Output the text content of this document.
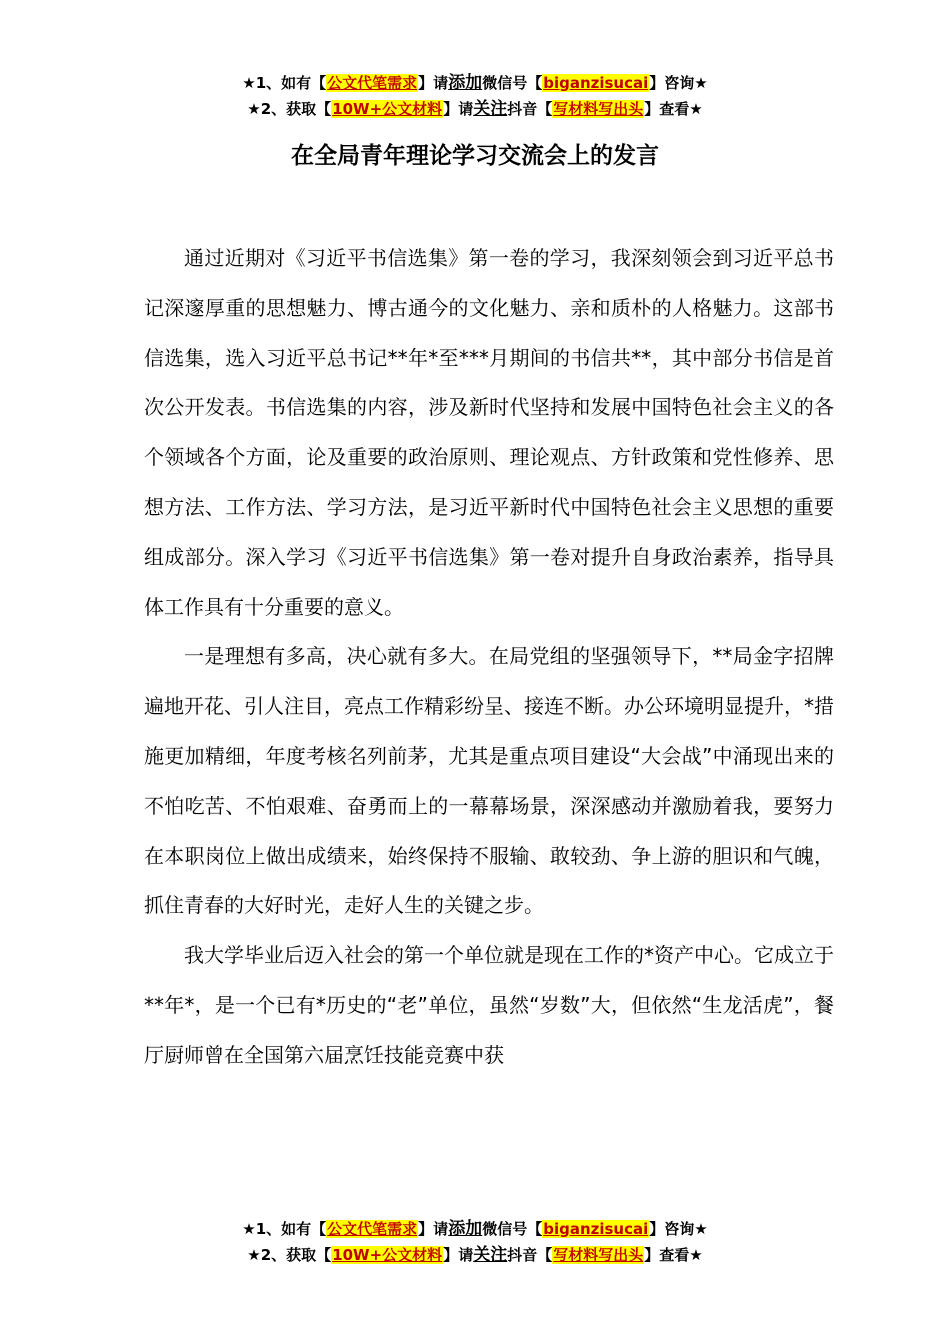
★1、如有【公文代笔需求】请添加微信号【biganzisucai】咨询★
★2、获取【10W+公文材料】请关注抖音【写材料写出头】查看★
在全局青年理论学习交流会上的发言

通过近期对《习近平书信选集》第一卷的学习，我深刻领会到习近平总书记深邃厚重的思想魅力、博古通今的文化魅力、亲和质朴的人格魅力。这部书信选集，选入习近平总书记**年*至***月期间的书信共**，其中部分书信是首次公开发表。书信选集的内容，涉及新时代坚持和发展中国特色社会主义的各个领域各个方面，论及重要的政治原则、理论观点、方针政策和党性修养、思想方法、工作方法、学习方法，是习近平新时代中国特色社会主义思想的重要组成部分。深入学习《习近平书信选集》第一卷对提升自身政治素养，指导具体工作具有十分重要的意义。

一是理想有多高，决心就有多大。在局党组的坚强领导下，**局金字招牌遍地开花、引人注目，亮点工作精彩纷呈、接连不断。办公环境明显提升，*措施更加精细，年度考核名列前茅，尤其是重点项目建设“大会战”中涌现出来的不怕吃苦、不怕艰难、奋勇而上的一幕幕场景，深深感动并激励着我，要努力在本职岗位上做出成绩来，始终保持不服输、敢较劲、争上游的胆识和气魄，抓住青春的大好时光，走好人生的关键之步。

我大学毕业后迈入社会的第一个单位就是现在工作的*资产中心。它成立于**年*，是一个已有*历史的“老”单位，虽然“岁数”大，但依然“生龙活虎”，餐厅厨师曾在全国第六届烹饪技能竞赛中获

★1、如有【公文代笔需求】请添加微信号【biganzisucai】咨询★
★2、获取【10W+公文材料】请关注抖音【写材料写出头】查看★
